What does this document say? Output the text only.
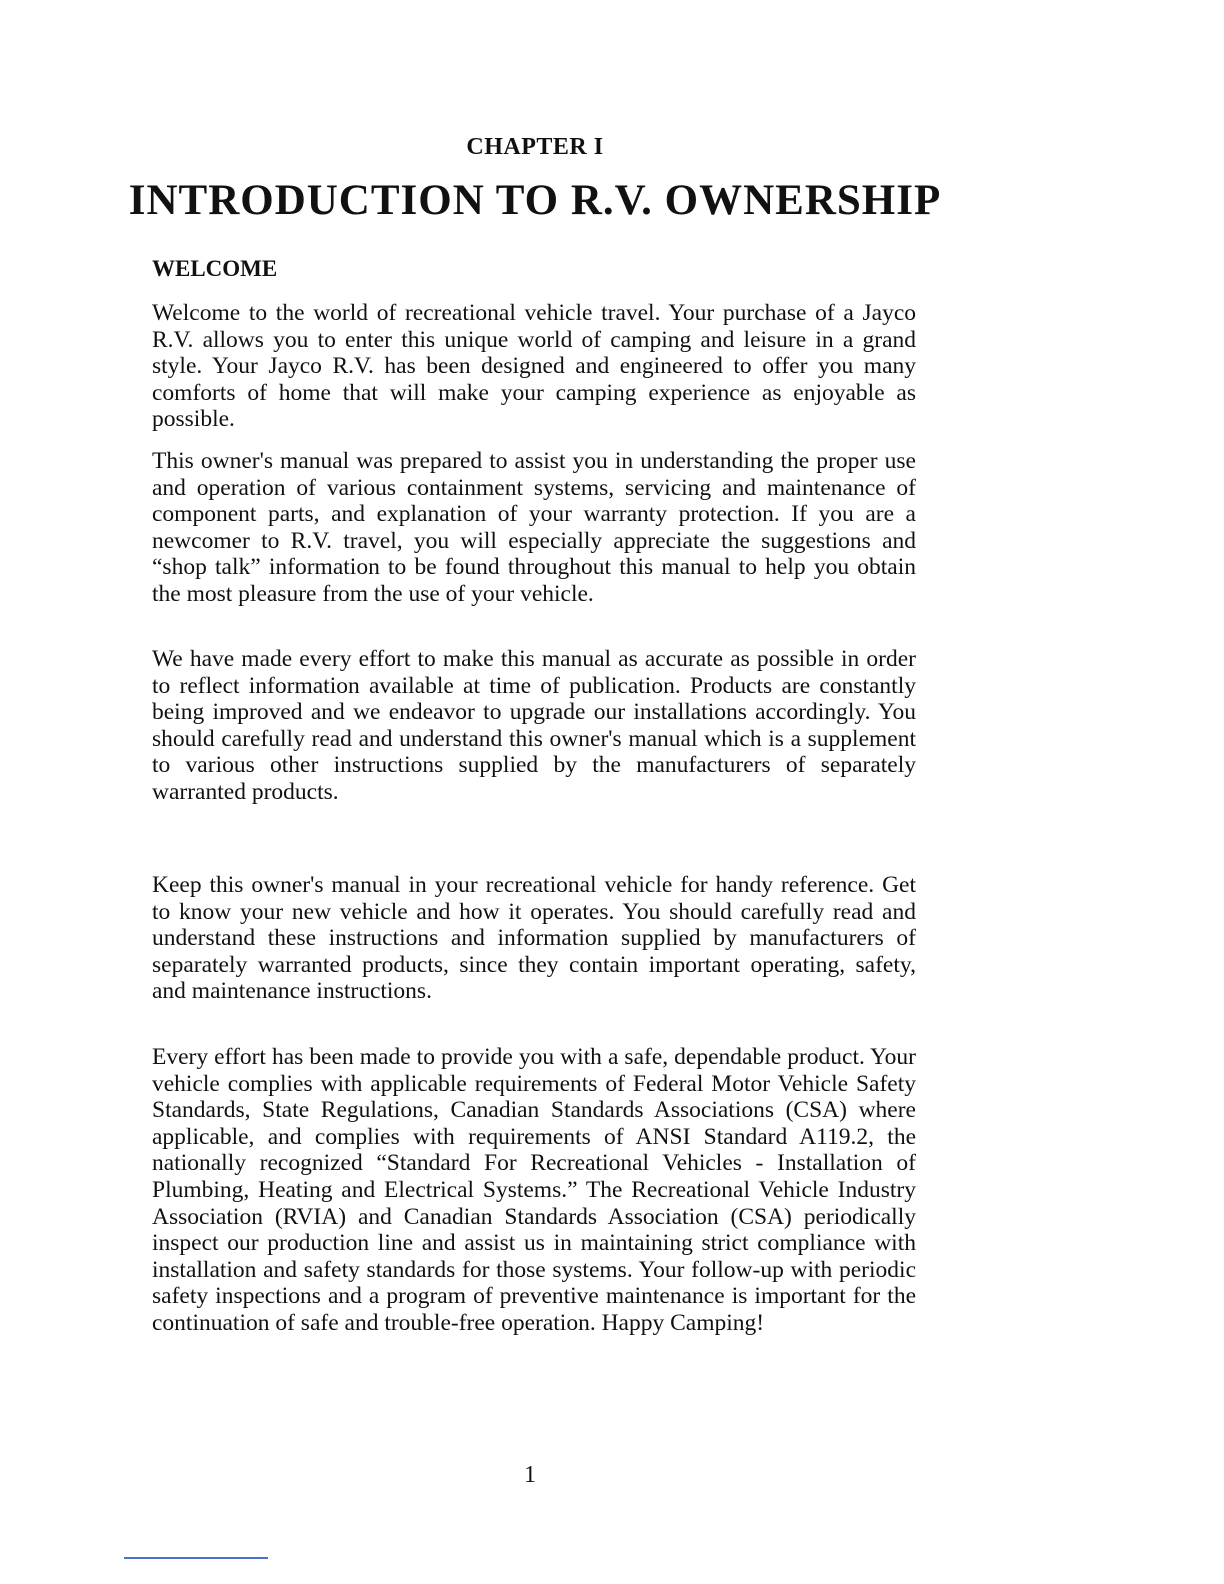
CHAPTER I
INTRODUCTION TO R.V. OWNERSHIP
WELCOME

Welcome to the world of recreational vehicle travel. Your purchase of a Jayco R.V. allows you to enter this unique world of camping and leisure in a grand style. Your Jayco R.V. has been designed and engineered to offer you many comforts of home that will make your camping experience as enjoyable as possible.

This owner's manual was prepared to assist you in understanding the proper use and operation of various containment systems, servicing and maintenance of component parts, and explanation of your warranty protection. If you are a newcomer to R.V. travel, you will especially appreciate the suggestions and “shop talk” information to be found throughout this manual to help you obtain the most pleasure from the use of your vehicle.

We have made every effort to make this manual as accurate as possible in order to reflect information available at time of publication. Products are constantly being improved and we endeavor to upgrade our installations accordingly. You should carefully read and understand this owner's manual which is a supplement to various other instructions supplied by the manufacturers of separately warranted products.

Keep this owner's manual in your recreational vehicle for handy reference. Get to know your new vehicle and how it operates. You should carefully read and understand these instructions and information supplied by manufacturers of separately warranted products, since they contain important operating, safety, and maintenance instructions.

Every effort has been made to provide you with a safe, dependable product. Your vehicle complies with applicable requirements of Federal Motor Vehicle Safety Standards, State Regulations, Canadian Standards Associations (CSA) where applicable, and complies with requirements of ANSI Standard A119.2, the nationally recognized “Standard For Recreational Vehicles - Installation of Plumbing, Heating and Electrical Systems.” The Recreational Vehicle Industry Association (RVIA) and Canadian Standards Association (CSA) periodically inspect our production line and assist us in maintaining strict compliance with installation and safety standards for those systems. Your follow-up with periodic safety inspections and a program of preventive maintenance is important for the continuation of safe and trouble-free operation. Happy Camping!

1
